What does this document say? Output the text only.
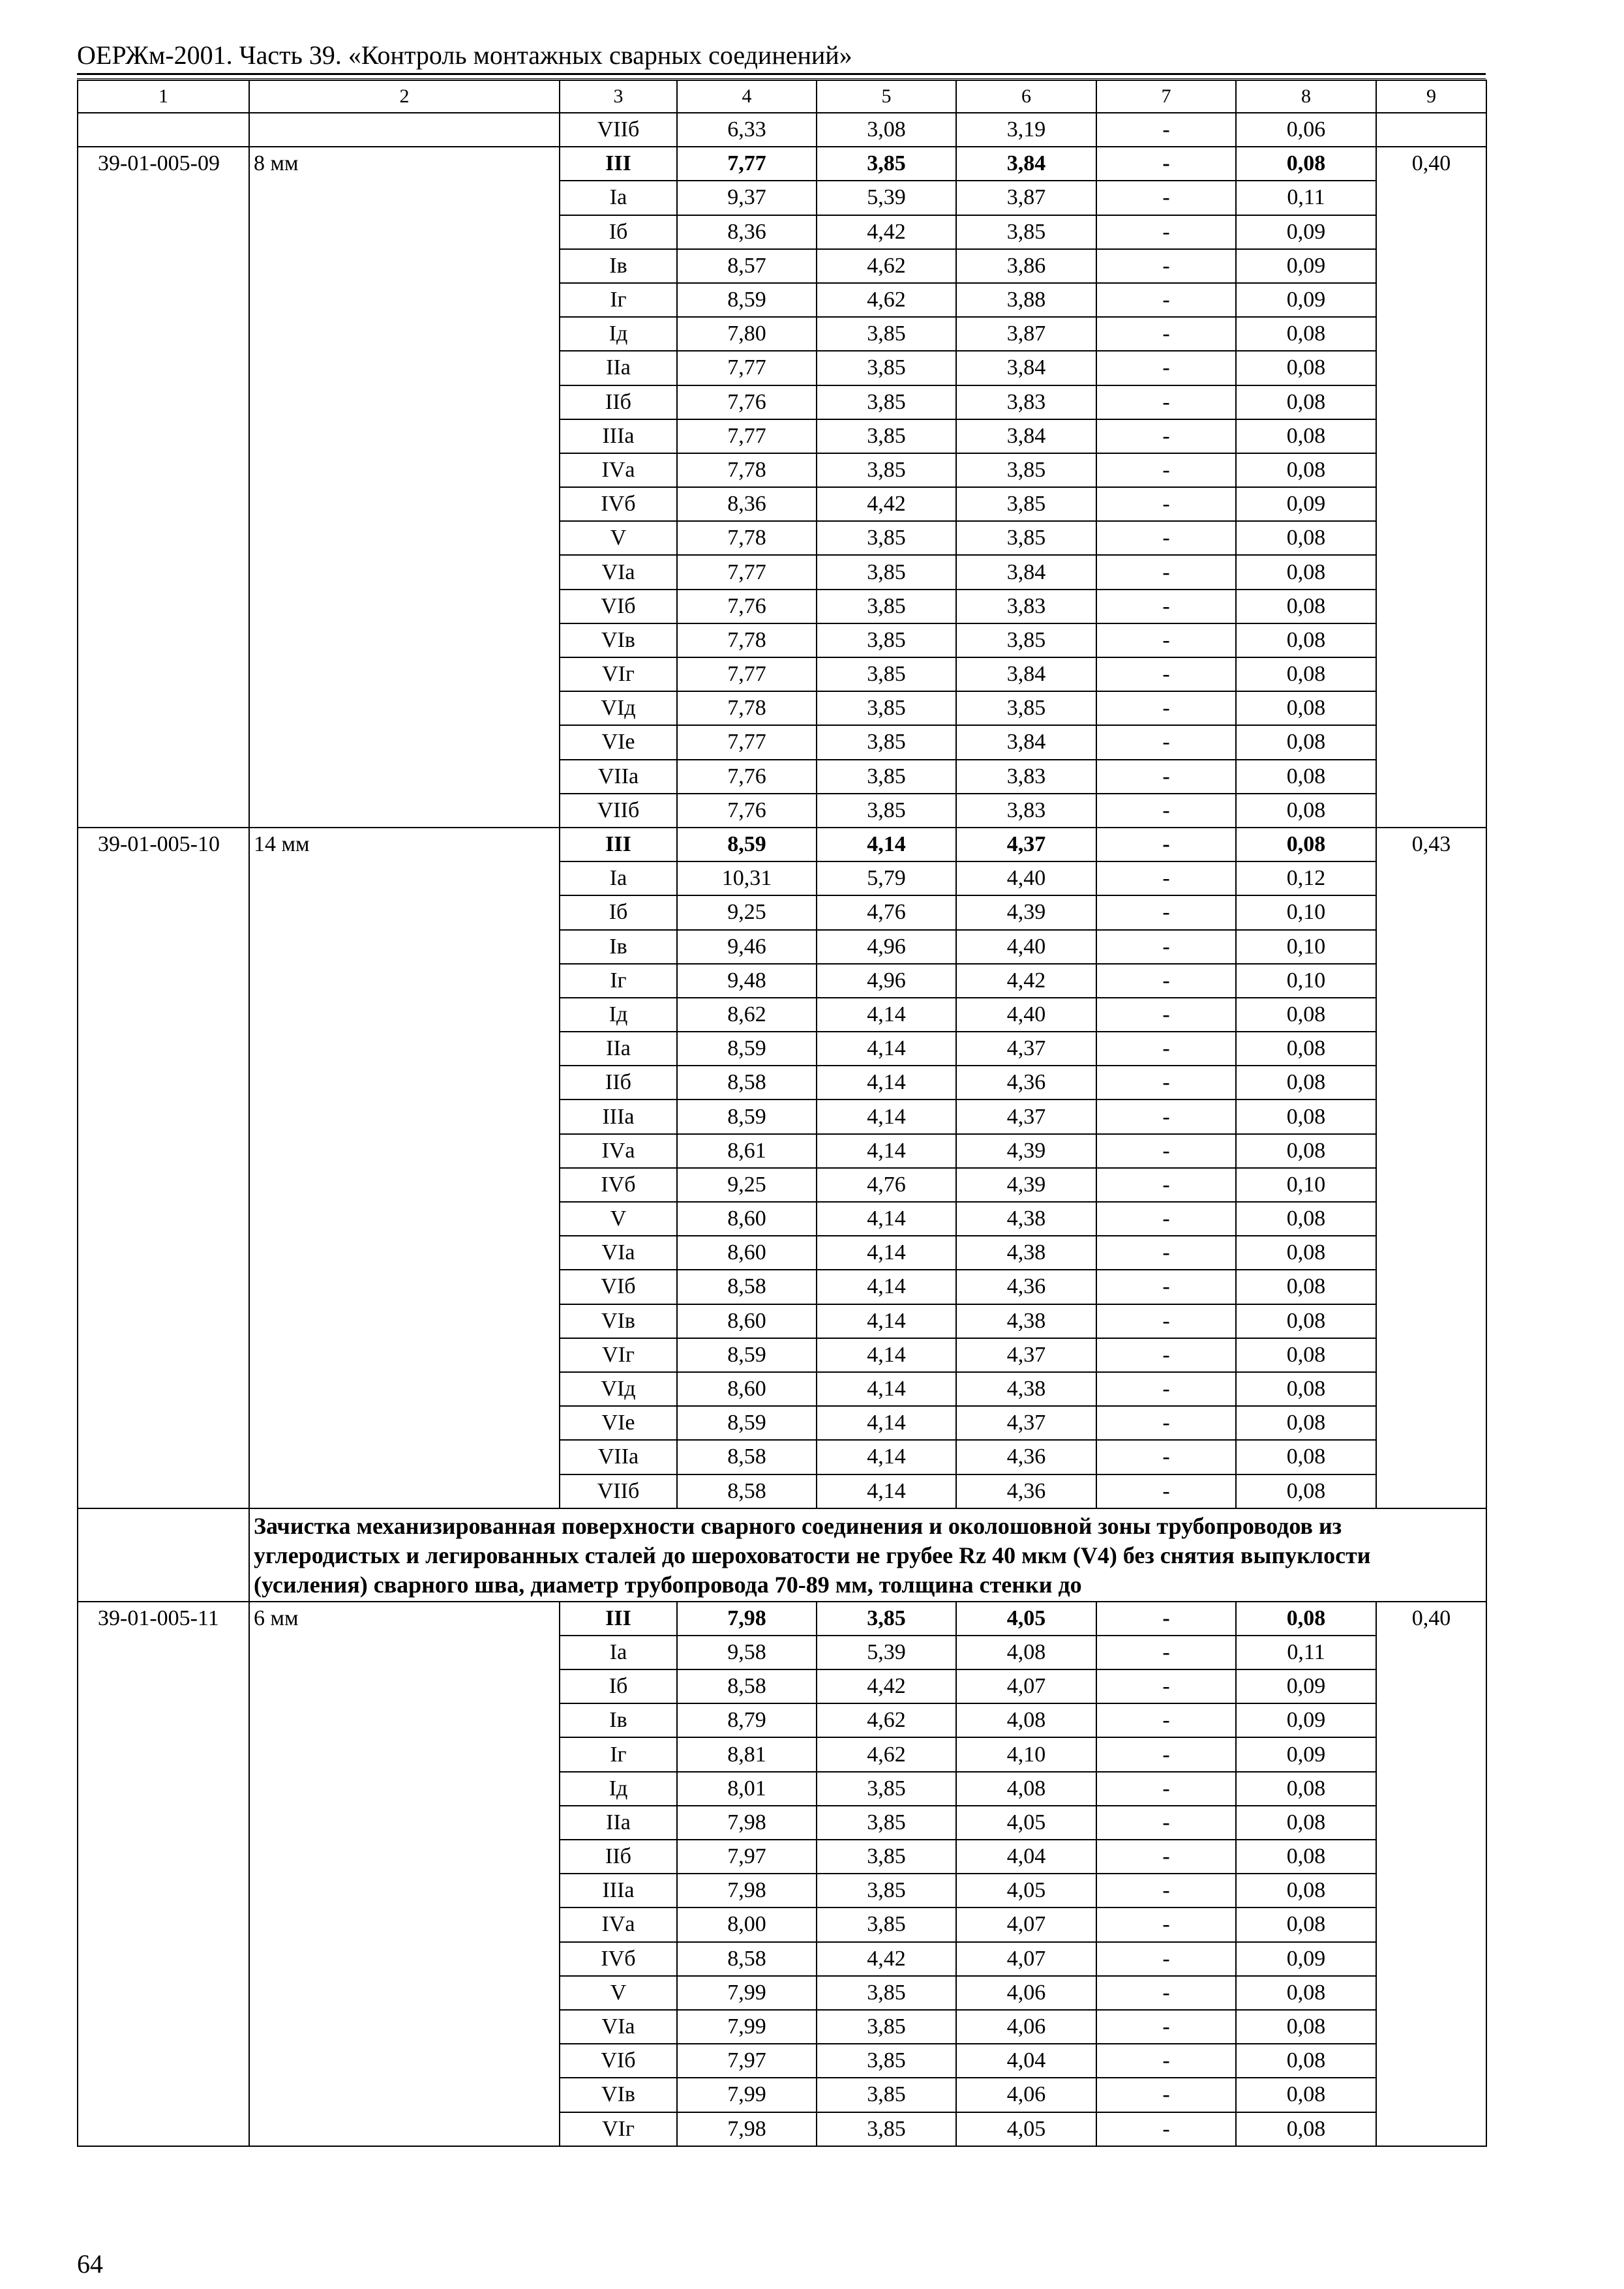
ОЕРЖм-2001. Часть 39. «Контроль монтажных сварных соединений»
1	2	3	4	5	6	7	8	9
		VIIб	6,33	3,08	3,19	-	0,06	
39-01-005-09	8 мм	III	7,77	3,85	3,84	-	0,08	0,40
		Iа	9,37	5,39	3,87	-	0,11	
		Iб	8,36	4,42	3,85	-	0,09	
		Iв	8,57	4,62	3,86	-	0,09	
		Iг	8,59	4,62	3,88	-	0,09	
		Iд	7,80	3,85	3,87	-	0,08	
		IIа	7,77	3,85	3,84	-	0,08	
		IIб	7,76	3,85	3,83	-	0,08	
		IIIа	7,77	3,85	3,84	-	0,08	
		IVа	7,78	3,85	3,85	-	0,08	
		IVб	8,36	4,42	3,85	-	0,09	
		V	7,78	3,85	3,85	-	0,08	
		VIа	7,77	3,85	3,84	-	0,08	
		VIб	7,76	3,85	3,83	-	0,08	
		VIв	7,78	3,85	3,85	-	0,08	
		VIг	7,77	3,85	3,84	-	0,08	
		VIд	7,78	3,85	3,85	-	0,08	
		VIе	7,77	3,85	3,84	-	0,08	
		VIIа	7,76	3,85	3,83	-	0,08	
		VIIб	7,76	3,85	3,83	-	0,08	
39-01-005-10	14 мм	III	8,59	4,14	4,37	-	0,08	0,43
		Iа	10,31	5,79	4,40	-	0,12	
		Iб	9,25	4,76	4,39	-	0,10	
		Iв	9,46	4,96	4,40	-	0,10	
		Iг	9,48	4,96	4,42	-	0,10	
		Iд	8,62	4,14	4,40	-	0,08	
		IIа	8,59	4,14	4,37	-	0,08	
		IIб	8,58	4,14	4,36	-	0,08	
		IIIа	8,59	4,14	4,37	-	0,08	
		IVа	8,61	4,14	4,39	-	0,08	
		IVб	9,25	4,76	4,39	-	0,10	
		V	8,60	4,14	4,38	-	0,08	
		VIа	8,60	4,14	4,38	-	0,08	
		VIб	8,58	4,14	4,36	-	0,08	
		VIв	8,60	4,14	4,38	-	0,08	
		VIг	8,59	4,14	4,37	-	0,08	
		VIд	8,60	4,14	4,38	-	0,08	
		VIе	8,59	4,14	4,37	-	0,08	
		VIIа	8,58	4,14	4,36	-	0,08	
		VIIб	8,58	4,14	4,36	-	0,08	
	Зачистка механизированная поверхности сварного соединения и околошовной зоны трубопроводов из углеродистых и легированных сталей до шероховатости не грубее Rz 40 мкм (V4) без снятия выпуклости (усиления) сварного шва, диаметр трубопровода 70-89 мм, толщина стенки до							
39-01-005-11	6 мм	III	7,98	3,85	4,05	-	0,08	0,40
		Iа	9,58	5,39	4,08	-	0,11	
		Iб	8,58	4,42	4,07	-	0,09	
		Iв	8,79	4,62	4,08	-	0,09	
		Iг	8,81	4,62	4,10	-	0,09	
		Iд	8,01	3,85	4,08	-	0,08	
		IIа	7,98	3,85	4,05	-	0,08	
		IIб	7,97	3,85	4,04	-	0,08	
		IIIа	7,98	3,85	4,05	-	0,08	
		IVа	8,00	3,85	4,07	-	0,08	
		IVб	8,58	4,42	4,07	-	0,09	
		V	7,99	3,85	4,06	-	0,08	
		VIа	7,99	3,85	4,06	-	0,08	
		VIб	7,97	3,85	4,04	-	0,08	
		VIв	7,99	3,85	4,06	-	0,08	
		VIг	7,98	3,85	4,05	-	0,08	
64
